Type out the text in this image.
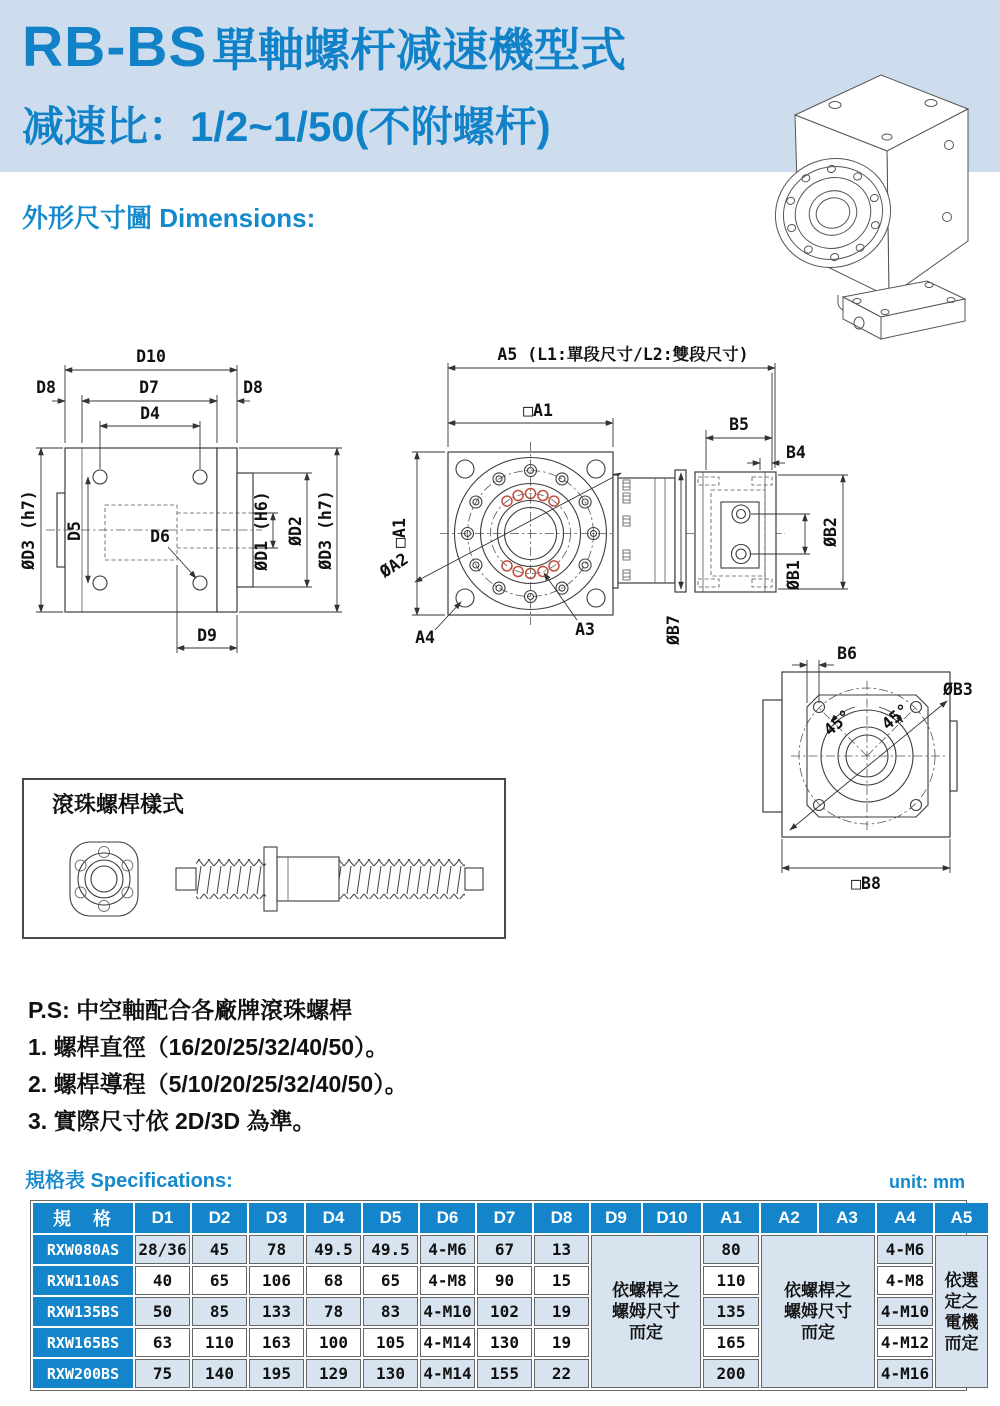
RB-BS 單軸螺杆减速機型式
减速比：1/2~1/50(不附螺杆)
外形尺寸圖 Dimensions:
D10
D8	D7	D8
D4
ØD3 (h7) D5	D6	ØD1 (H6) ØD2 ØD3 (h7)
D9
A5 (L1:單段尺寸/L2:雙段尺寸)
□A1
□A1
ØA2
A4	A3	ØB7
B5
B4
ØB2
ØB1
45° 45°
ØB3
B6
□B8
滾珠螺桿樣式
P.S: 中空軸配合各廠牌滾珠螺桿
1. 螺桿直徑（16/20/25/32/40/50）。
2. 螺桿導程（5/10/20/25/32/40/50）。
3. 實際尺寸依 2D/3D 為準。
規格表 Specifications:	unit: mm
規　格	D1	D2	D3	D4	D5	D6	D7	D8	D9	D10	A1	A2	A3	A4	A5
RXW080AS	28/36	45	78	49.5	49.5	4-M6	67	13	依螺桿之
螺姆尺寸
而定		80	依螺桿之
螺姆尺寸
而定		4-M6	依選
定之
電機
而定
RXW110AS	40	65	106	68	65	4-M8	90	15			110			4-M8	
RXW135BS	50	85	133	78	83	4-M10	102	19			135			4-M10	
RXW165BS	63	110	163	100	105	4-M14	130	19			165			4-M12	
RXW200BS	75	140	195	129	130	4-M14	155	22			200			4-M16	
